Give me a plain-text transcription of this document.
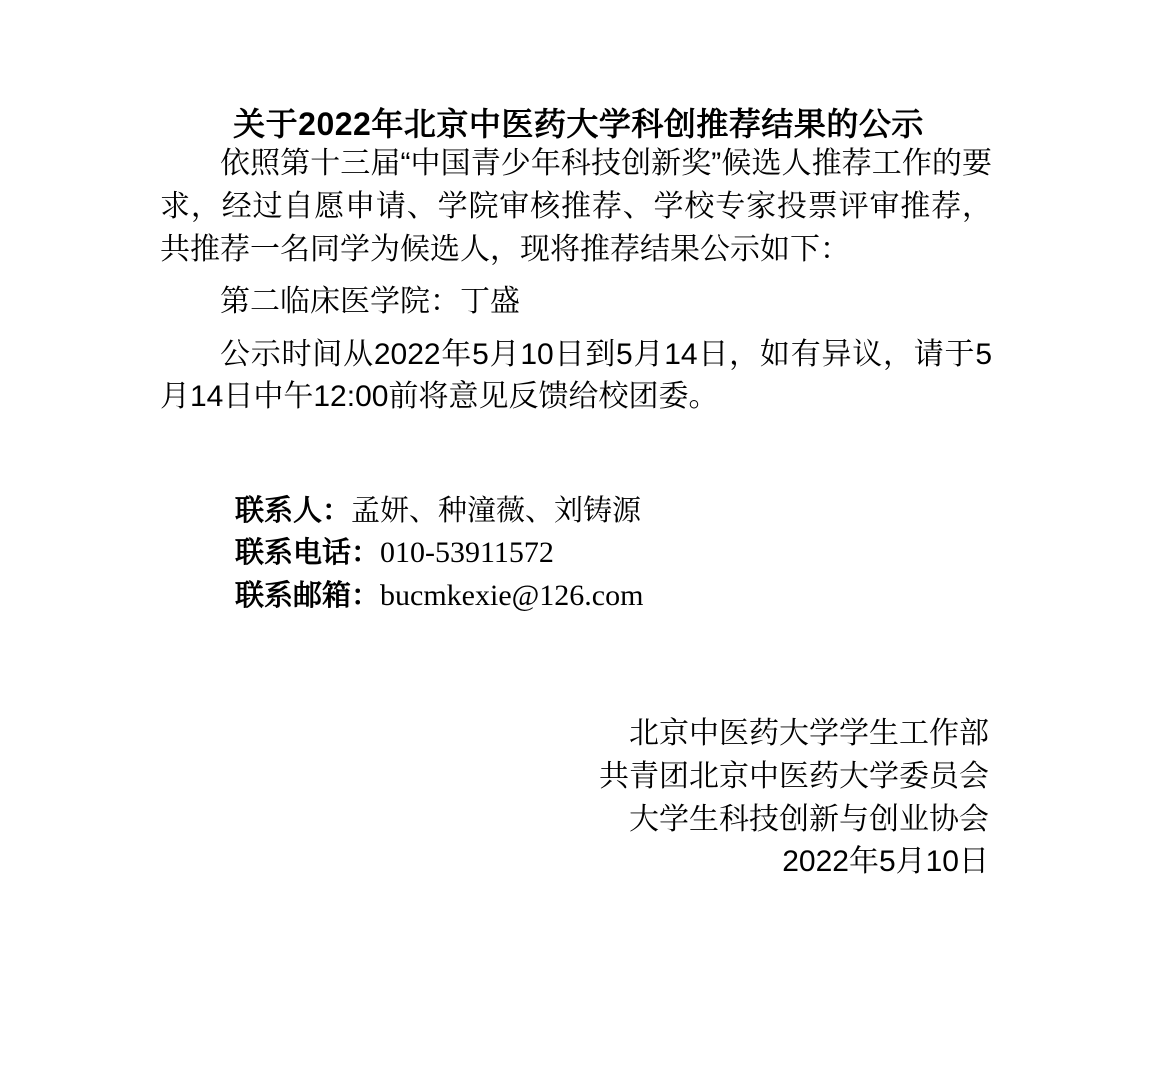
关于2022年北京中医药大学科创推荐结果的公示

依照第十三届“中国青少年科技创新奖”候选人推荐工作的要求，经过自愿申请、学院审核推荐、学校专家投票评审推荐，共推荐一名同学为候选人，现将推荐结果公示如下：

第二临床医学院：丁盛

公示时间从2022年5月10日到5月14日，如有异议，请于5月14日中午12:00前将意见反馈给校团委。

联系人：孟妍、种潼薇、刘铸源

联系电话：010-53911572

联系邮箱：bucmkexie@126.com

北京中医药大学学生工作部

共青团北京中医药大学委员会

大学生科技创新与创业协会

2022年5月10日
